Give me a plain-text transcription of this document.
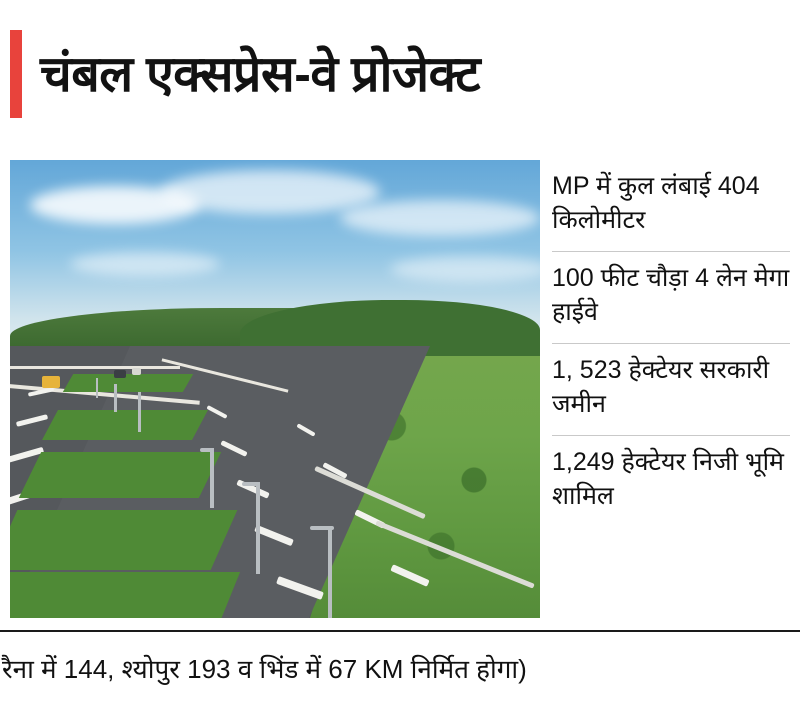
चंबल एक्सप्रेस-वे प्रोजेक्ट
MP में कुल लंबाई 404 किलोमीटर
100 फीट चौड़ा 4 लेन मेगा हाईवे
1, 523 हेक्टेयर सरकारी जमीन
1,249 हेक्टेयर निजी भूमि शामिल
रैना में 144, श्योपुर 193 व भिंड में 67 KM निर्मित होगा)
